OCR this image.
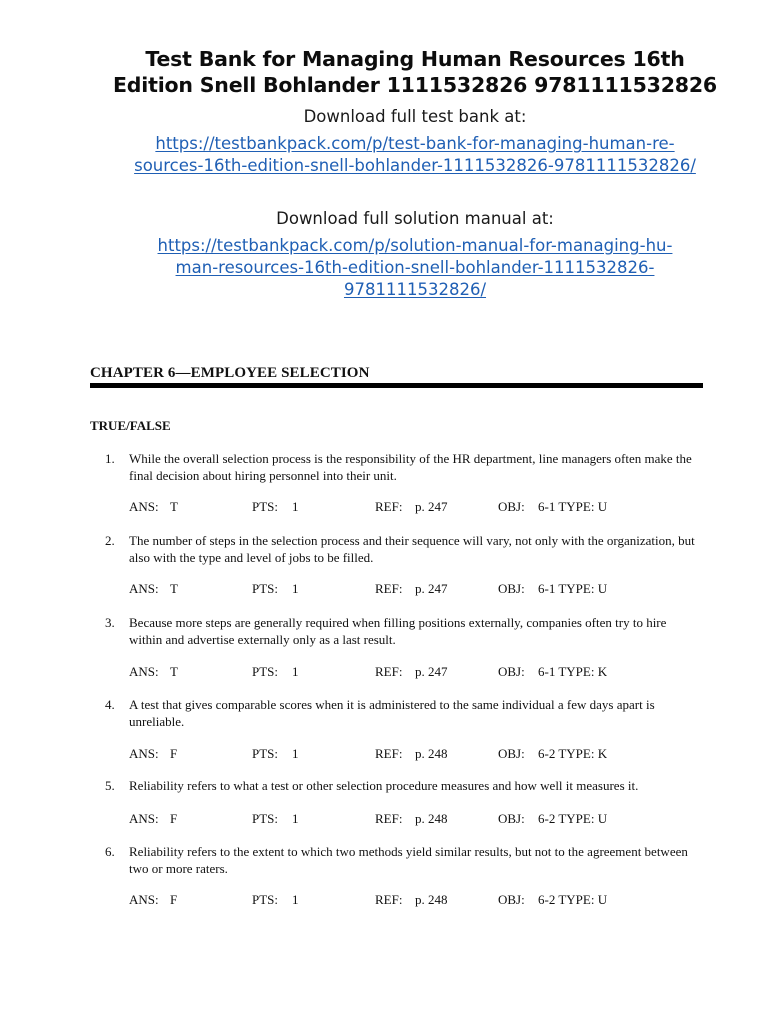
Test Bank for Managing Human Resources 16th
Edition Snell Bohlander 1111532826 9781111532826
Download full test bank at:
https://testbankpack.com/p/test-bank-for-managing-human-re-
sources-16th-edition-snell-bohlander-1111532826-9781111532826/
Download full solution manual at:
https://testbankpack.com/p/solution-manual-for-managing-hu-
man-resources-16th-edition-snell-bohlander-1111532826-
9781111532826/
CHAPTER 6—EMPLOYEE SELECTION
TRUE/FALSE
1.	While the overall selection process is the responsibility of the HR department, line managers often make the final decision about hiring personnel into their unit.
ANS: T	PTS: 1	REF: p. 247	OBJ: 6-1 TYPE: U
2.	The number of steps in the selection process and their sequence will vary, not only with the organization, but also with the type and level of jobs to be filled.
ANS: T	PTS: 1	REF: p. 247	OBJ: 6-1 TYPE: U
3.	Because more steps are generally required when filling positions externally, companies often try to hire within and advertise externally only as a last result.
ANS: T	PTS: 1	REF: p. 247	OBJ: 6-1 TYPE: K
4.	A test that gives comparable scores when it is administered to the same individual a few days apart is unreliable.
ANS: F	PTS: 1	REF: p. 248	OBJ: 6-2 TYPE: K
5.	Reliability refers to what a test or other selection procedure measures and how well it measures it.
ANS: F	PTS: 1	REF: p. 248	OBJ: 6-2 TYPE: U
6.	Reliability refers to the extent to which two methods yield similar results, but not to the agreement between two or more raters.
ANS: F	PTS: 1	REF: p. 248	OBJ: 6-2 TYPE: U
